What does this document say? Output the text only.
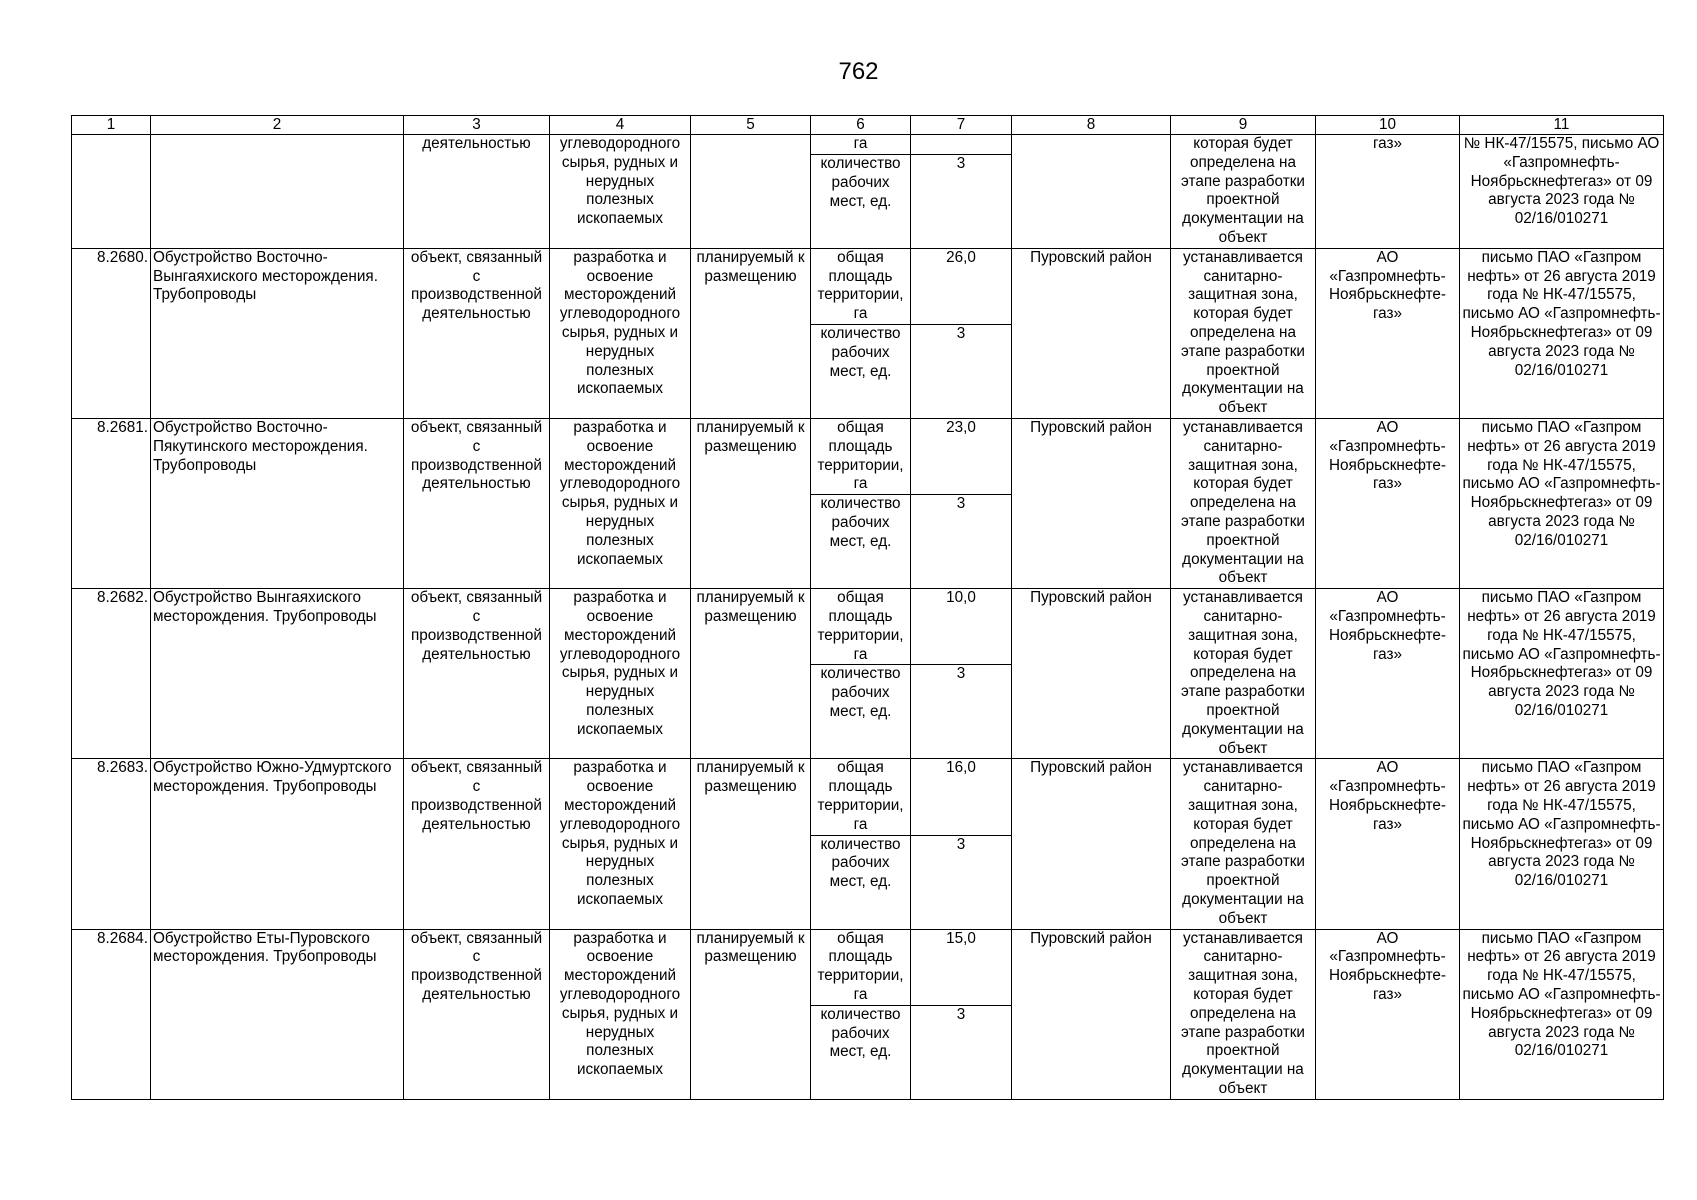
762
1	2	3	4	5	6	7	8	9	10	11
		деятельностью	углеводородного сырья, рудных и нерудных полезных ископаемых		га			которая будет определена на этапе разработки проектной документации на объект	газ»	№ НК-47/15575, письмо АО «Газпромнефть-Ноябрьскнефтегаз» от 09 августа 2023 года № 02/16/010271
					количество рабочих мест, ед.	3				
8.2680.	Обустройство Восточно-Вынгаяхиского месторождения. Трубопроводы	объект, связанный с производственной деятельностью	разработка и освоение месторождений углеводородного сырья, рудных и нерудных полезных ископаемых	планируемый к размещению	общая площадь территории, га	26,0	Пуровский район	устанавливается санитарно-защитная зона, которая будет определена на этапе разработки проектной документации на объект	АО «Газпромнефть-Ноябрьскнефте-газ»	письмо ПАО «Газпром нефть» от 26 августа 2019 года № НК-47/15575, письмо АО «Газпромнефть-Ноябрьскнефтегаз» от 09 августа 2023 года № 02/16/010271
					количество рабочих мест, ед.	3				
8.2681.	Обустройство Восточно-Пякутинского месторождения. Трубопроводы	объект, связанный с производственной деятельностью	разработка и освоение месторождений углеводородного сырья, рудных и нерудных полезных ископаемых	планируемый к размещению	общая площадь территории, га	23,0	Пуровский район	устанавливается санитарно-защитная зона, которая будет определена на этапе разработки проектной документации на объект	АО «Газпромнефть-Ноябрьскнефте-газ»	письмо ПАО «Газпром нефть» от 26 августа 2019 года № НК-47/15575, письмо АО «Газпромнефть-Ноябрьскнефтегаз» от 09 августа 2023 года № 02/16/010271
					количество рабочих мест, ед.	3				
8.2682.	Обустройство Вынгаяхиского месторождения. Трубопроводы	объект, связанный с производственной деятельностью	разработка и освоение месторождений углеводородного сырья, рудных и нерудных полезных ископаемых	планируемый к размещению	общая площадь территории, га	10,0	Пуровский район	устанавливается санитарно-защитная зона, которая будет определена на этапе разработки проектной документации на объект	АО «Газпромнефть-Ноябрьскнефте-газ»	письмо ПАО «Газпром нефть» от 26 августа 2019 года № НК-47/15575, письмо АО «Газпромнефть-Ноябрьскнефтегаз» от 09 августа 2023 года № 02/16/010271
					количество рабочих мест, ед.	3				
8.2683.	Обустройство Южно-Удмуртского месторождения. Трубопроводы	объект, связанный с производственной деятельностью	разработка и освоение месторождений углеводородного сырья, рудных и нерудных полезных ископаемых	планируемый к размещению	общая площадь территории, га	16,0	Пуровский район	устанавливается санитарно-защитная зона, которая будет определена на этапе разработки проектной документации на объект	АО «Газпромнефть-Ноябрьскнефте-газ»	письмо ПАО «Газпром нефть» от 26 августа 2019 года № НК-47/15575, письмо АО «Газпромнефть-Ноябрьскнефтегаз» от 09 августа 2023 года № 02/16/010271
					количество рабочих мест, ед.	3				
8.2684.	Обустройство Еты-Пуровского месторождения. Трубопроводы	объект, связанный с производственной деятельностью	разработка и освоение месторождений углеводородного сырья, рудных и нерудных полезных ископаемых	планируемый к размещению	общая площадь территории, га	15,0	Пуровский район	устанавливается санитарно-защитная зона, которая будет определена на этапе разработки проектной документации на объект	АО «Газпромнефть-Ноябрьскнефте-газ»	письмо ПАО «Газпром нефть» от 26 августа 2019 года № НК-47/15575, письмо АО «Газпромнефть-Ноябрьскнефтегаз» от 09 августа 2023 года № 02/16/010271
					количество рабочих мест, ед.	3				
